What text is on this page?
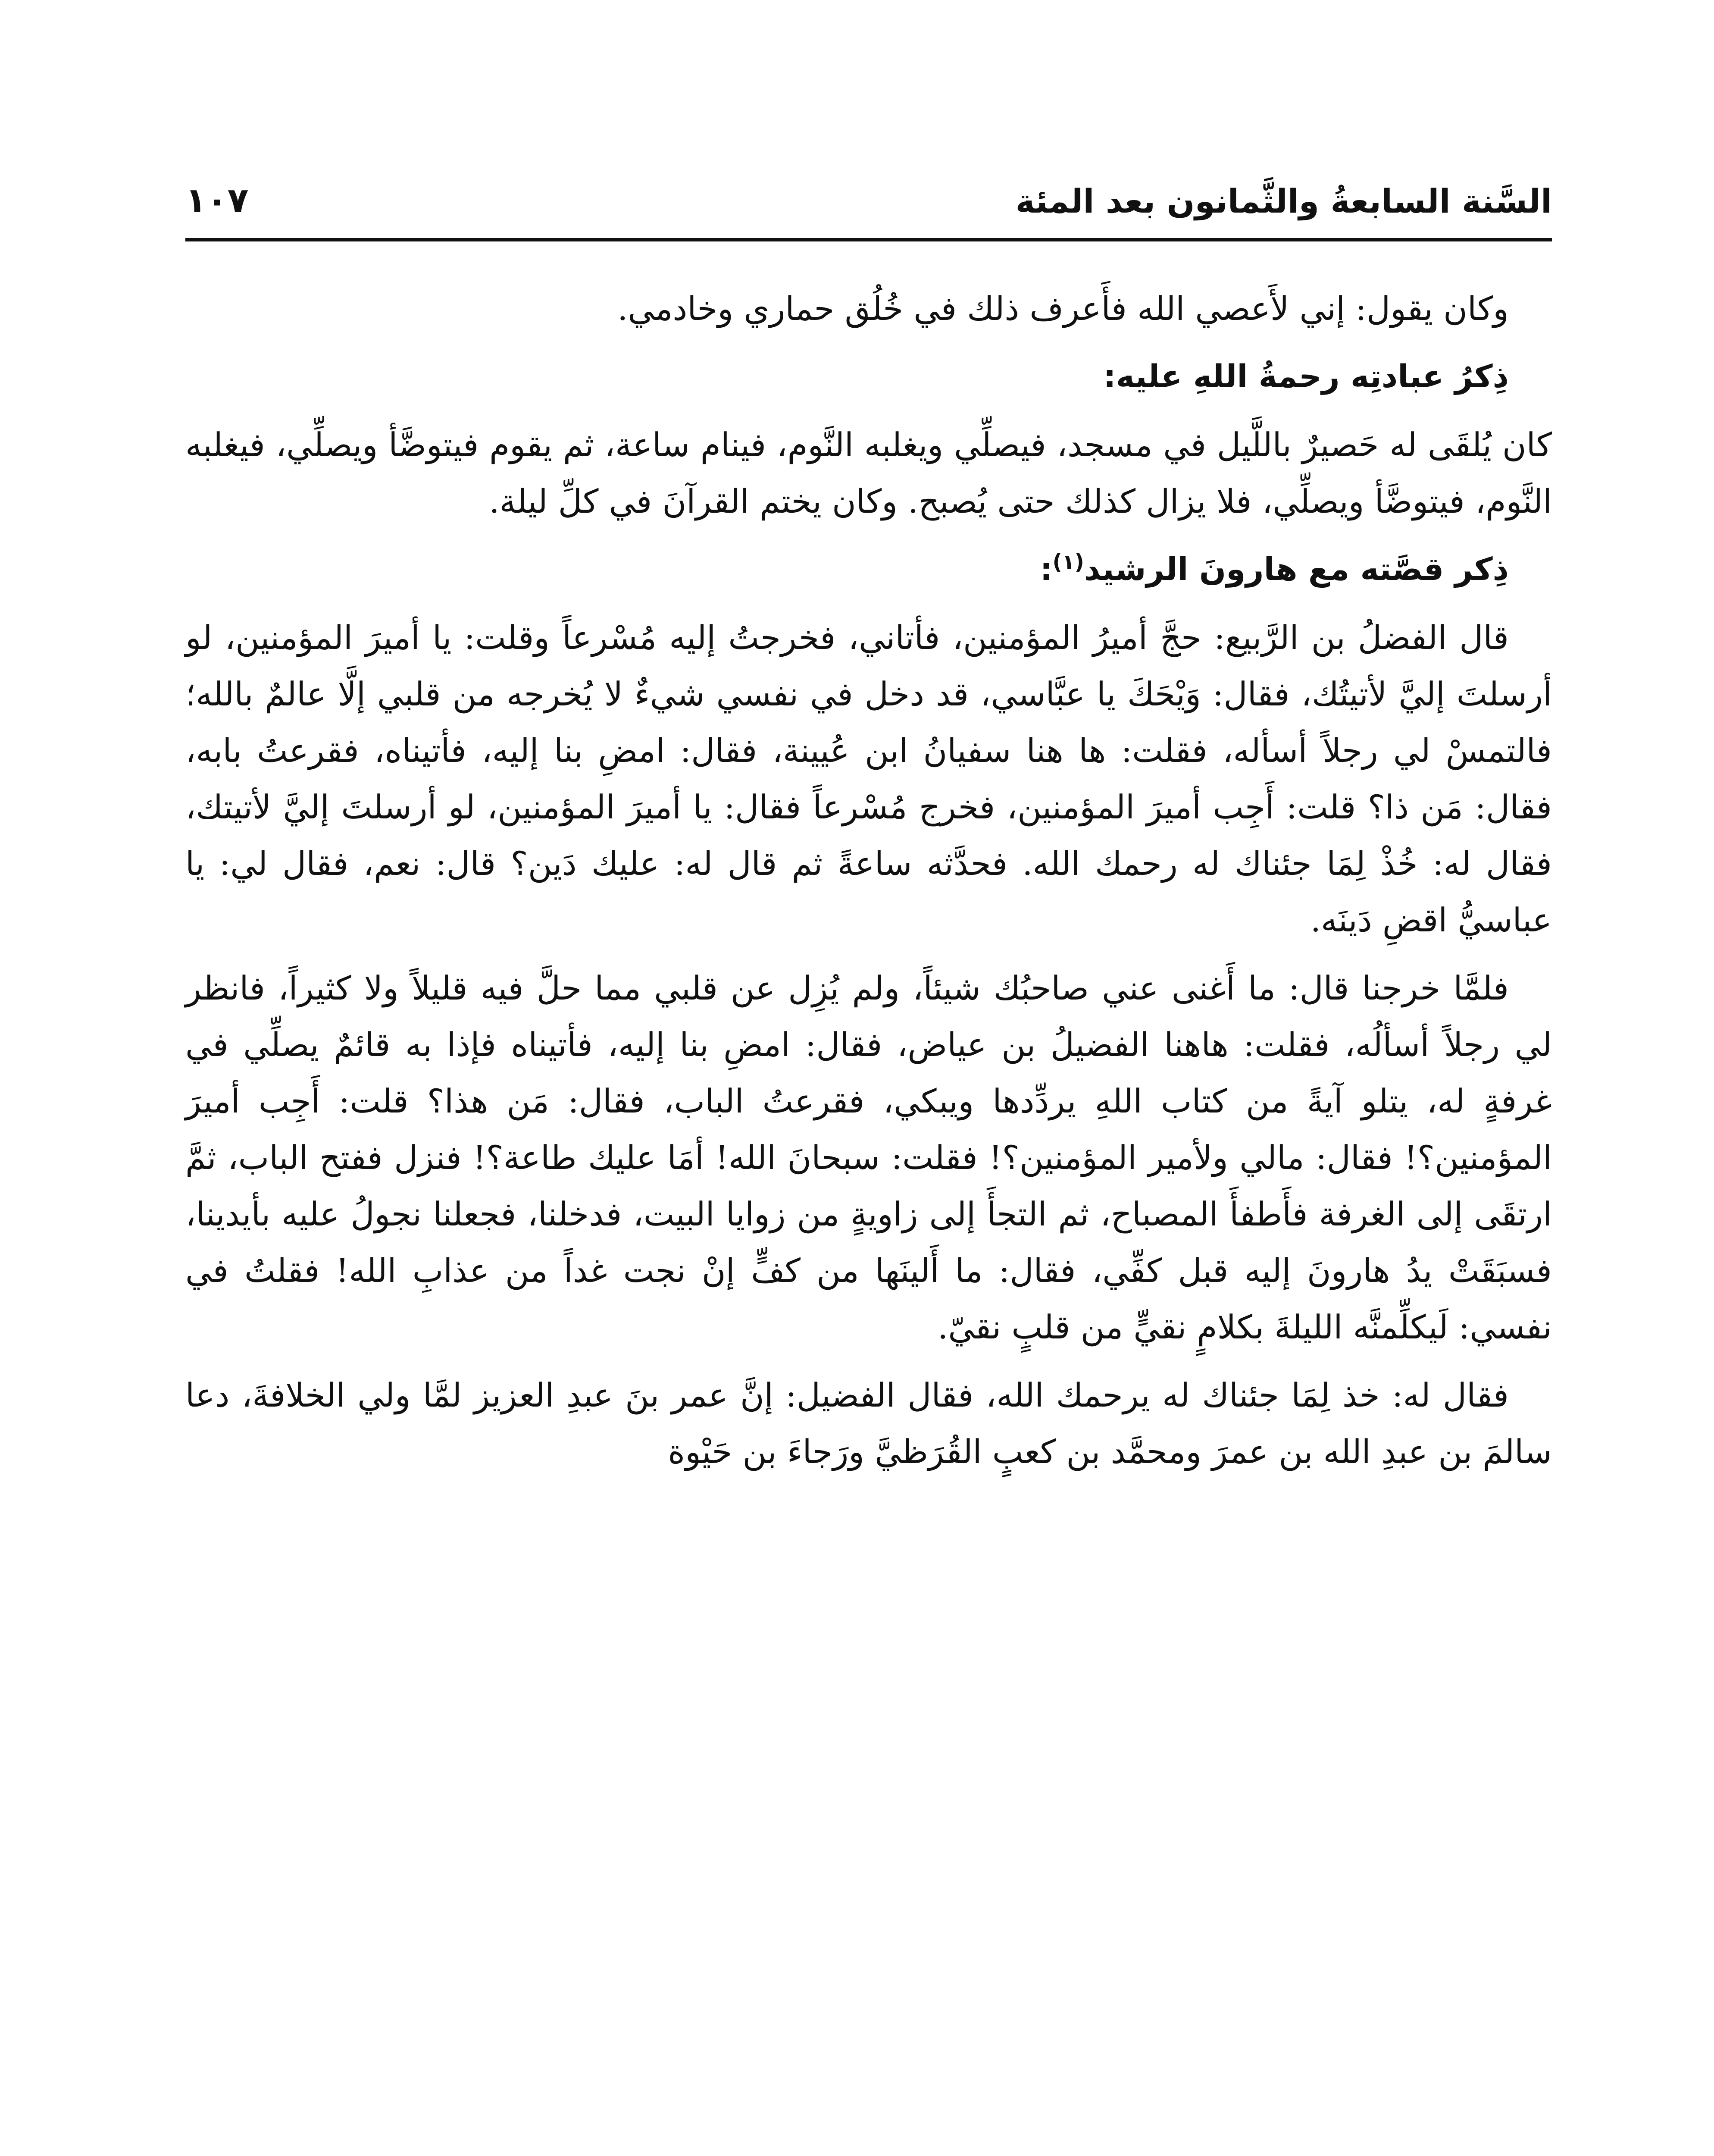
السَّنة السابعةُ والثَّمانون بعد المئة
١٠٧

وكان يقول: إني لأَعصي الله فأَعرف ذلك في خُلُق حماري وخادمي.

ذِكرُ عبادتِه رحمةُ اللهِ عليه:

كان يُلقَى له حَصيرٌ باللَّيل في مسجد، فيصلِّي ويغلبه النَّوم، فينام ساعة، ثم يقوم فيتوضَّأ ويصلِّي، فيغلبه النَّوم، فيتوضَّأ ويصلِّي، فلا يزال كذلك حتى يُصبح. وكان يختم القرآنَ في كلِّ ليلة.

ذِكر قصَّته مع هارونَ الرشيد$^{(١)}$:

قال الفضلُ بن الرَّبيع: حجَّ أميرُ المؤمنين، فأتاني، فخرجتُ إليه مُسْرعاً وقلت: يا أميرَ المؤمنين، لو أرسلتَ إليَّ لأتيتُك، فقال: وَيْحَكَ يا عبَّاسي، قد دخل في نفسي شيءٌ لا يُخرجه من قلبي إلَّا عالمٌ بالله؛ فالتمسْ لي رجلاً أسأله، فقلت: ها هنا سفيانُ ابن عُيينة، فقال: امضِ بنا إليه، فأتيناه، فقرعتُ بابه، فقال: مَن ذا؟ قلت: أَجِب أميرَ المؤمنين، فخرج مُسْرعاً فقال: يا أميرَ المؤمنين، لو أرسلتَ إليَّ لأتيتك، فقال له: خُذْ لِمَا جئناك له رحمك الله. فحدَّثه ساعةً ثم قال له: عليك دَين؟ قال: نعم، فقال لي: يا عباسيُّ اقضِ دَينَه.

فلمَّا خرجنا قال: ما أَغنى عني صاحبُك شيئاً، ولم يُزِل عن قلبي مما حلَّ فيه قليلاً ولا كثيراً، فانظر لي رجلاً أسألُه، فقلت: هاهنا الفضيلُ بن عياض، فقال: امضِ بنا إليه، فأتيناه فإذا به قائمٌ يصلِّي في غرفةٍ له، يتلو آيةً من كتاب اللهِ يردِّدها ويبكي، فقرعتُ الباب، فقال: مَن هذا؟ قلت: أَجِب أميرَ المؤمنين؟! فقال: مالي ولأمير المؤمنين؟! فقلت: سبحانَ الله! أمَا عليك طاعة؟! فنزل ففتح الباب، ثمَّ ارتقَى إلى الغرفة فأَطفأَ المصباح، ثم التجأَ إلى زاويةٍ من زوايا البيت، فدخلنا، فجعلنا نجولُ عليه بأيدينا، فسبَقَتْ يدُ هارونَ إليه قبل كفِّي، فقال: ما أَلينَها من كفٍّ إنْ نجت غداً من عذابِ الله! فقلتُ في نفسي: لَيكلِّمنَّه الليلةَ بكلامٍ نقيٍّ من قلبٍ نقيّ.

فقال له: خذ لِمَا جئناك له يرحمك الله، فقال الفضيل: إنَّ عمر بنَ عبدِ العزيز لمَّا ولي الخلافةَ، دعا سالمَ بن عبدِ الله بن عمرَ ومحمَّد بن كعبٍ القُرَظيَّ ورَجاءَ بن حَيْوة
